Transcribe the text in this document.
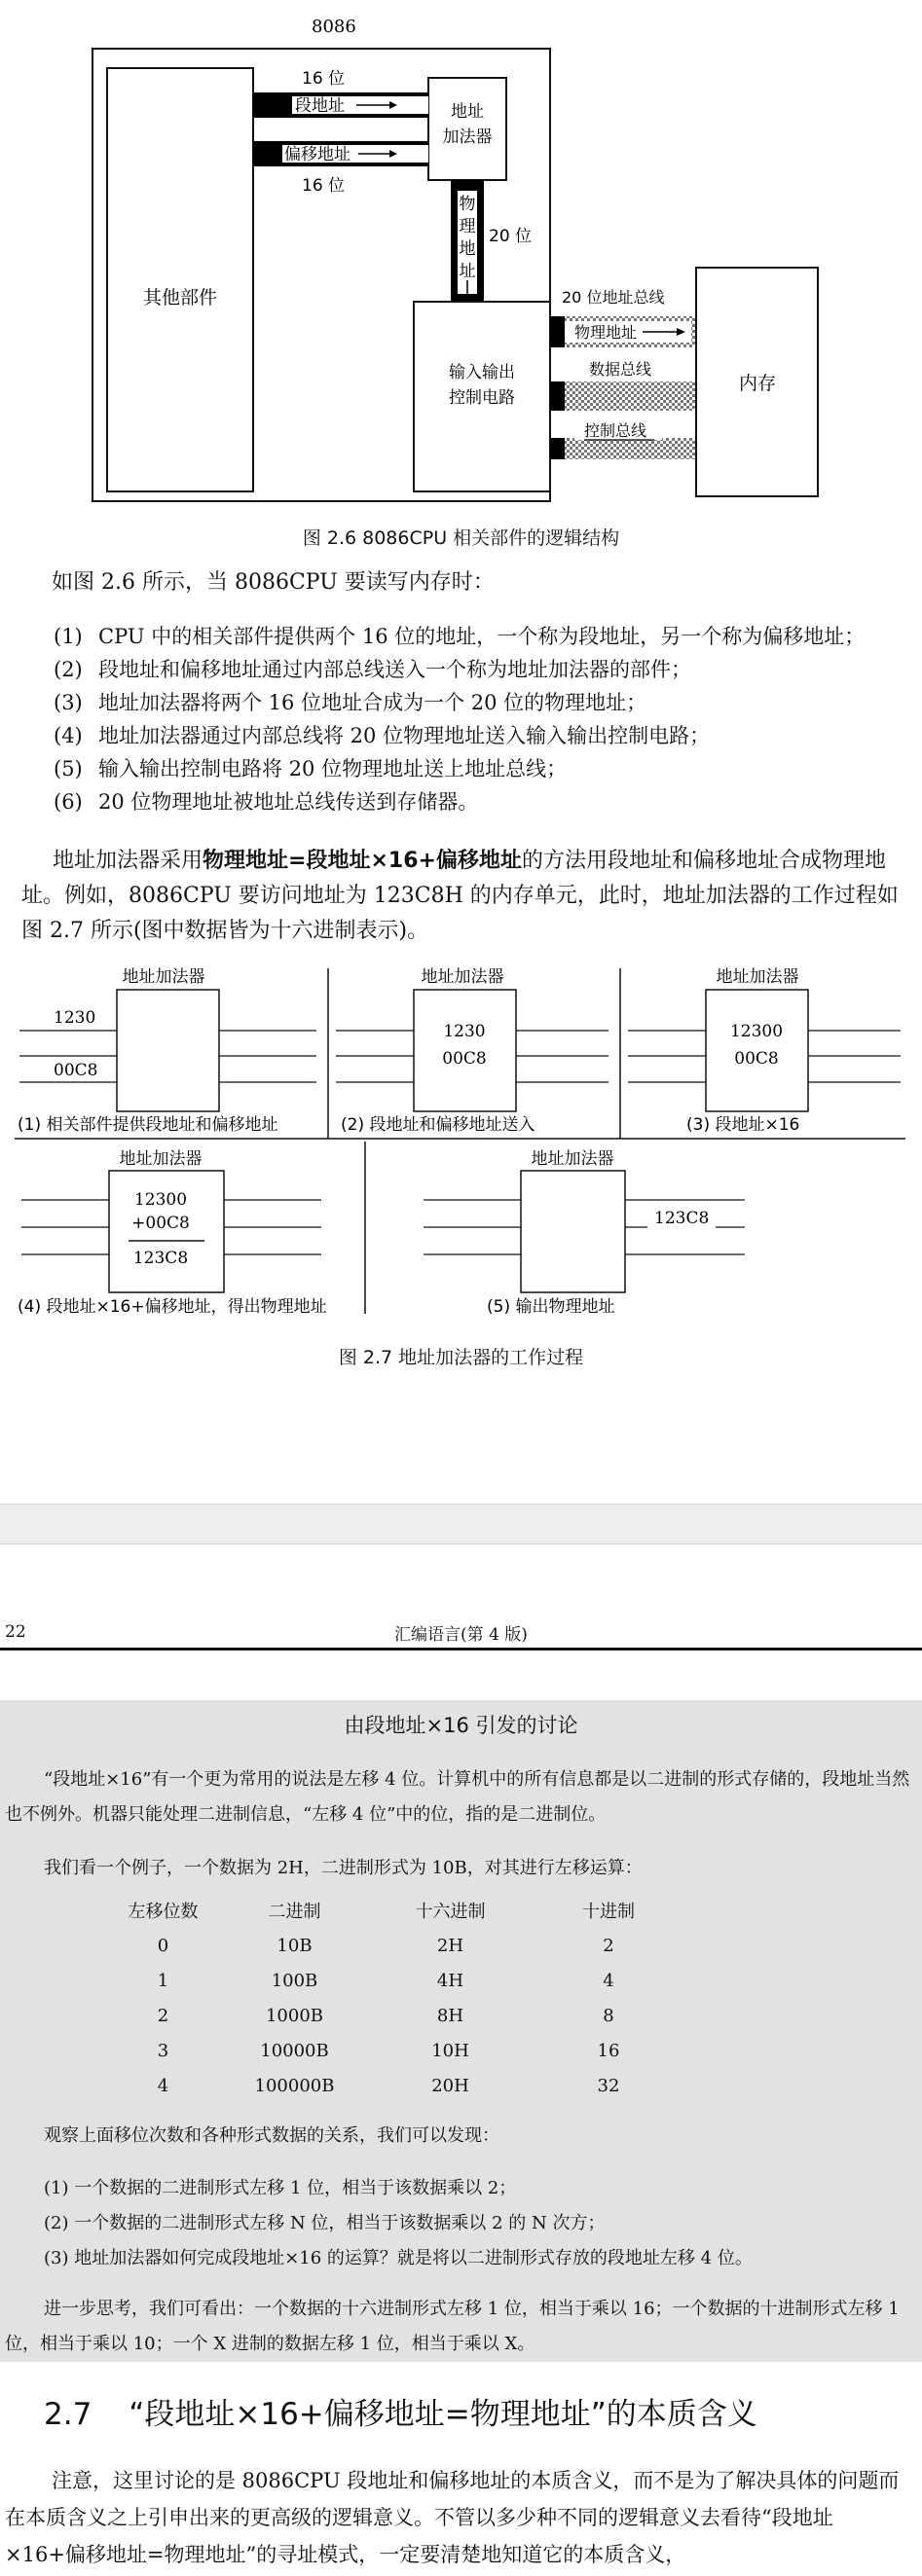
8086
其他部件
地址
加法器
16 位
段地址
偏移地址
16 位
物
理
地
址
20 位
输入输出
控制电路
20 位地址总线
物理地址
数据总线
控制总线
内存
图 2.6 8086CPU 相关部件的逻辑结构
如图 2.6 所示，当 8086CPU 要读写内存时：
(1) CPU 中的相关部件提供两个 16 位的地址，一个称为段地址，另一个称为偏移地址；
(2) 段地址和偏移地址通过内部总线送入一个称为地址加法器的部件；
(3) 地址加法器将两个 16 位地址合成为一个 20 位的物理地址；
(4) 地址加法器通过内部总线将 20 位物理地址送入输入输出控制电路；
(5) 输入输出控制电路将 20 位物理地址送上地址总线；
(6) 20 位物理地址被地址总线传送到存储器。
地址加法器采用物理地址=段地址×16+偏移地址的方法用段地址和偏移地址合成物理地址。例如，8086CPU 要访问地址为 123C8H 的内存单元，此时，地址加法器的工作过程如图 2.7 所示(图中数据皆为十六进制表示)。
地址加法器
1230
00C8
(1) 相关部件提供段地址和偏移地址
地址加法器
1230
00C8
(2) 段地址和偏移地址送入
地址加法器
12300
00C8
(3) 段地址×16
地址加法器
12300
+00C8
123C8
(4) 段地址×16+偏移地址，得出物理地址
地址加法器
123C8
(5) 输出物理地址
图 2.7 地址加法器的工作过程
22	汇编语言(第 4 版)
由段地址×16 引发的讨论

“段地址×16”有一个更为常用的说法是左移 4 位。计算机中的所有信息都是以二进制的形式存储的，段地址当然也不例外。机器只能处理二进制信息，“左移 4 位”中的位，指的是二进制位。

我们看一个例子，一个数据为 2H，二进制形式为 10B，对其进行左移运算：

左移位数	二进制	十六进制	十进制
0	10B	2H	2
1	100B	4H	4
2	1000B	8H	8
3	10000B	10H	16
4	100000B	20H	32

观察上面移位次数和各种形式数据的关系，我们可以发现：

(1) 一个数据的二进制形式左移 1 位，相当于该数据乘以 2；

(2) 一个数据的二进制形式左移 N 位，相当于该数据乘以 2 的 N 次方；

(3) 地址加法器如何完成段地址×16 的运算？就是将以二进制形式存放的段地址左移 4 位。

进一步思考，我们可看出：一个数据的十六进制形式左移 1 位，相当于乘以 16；一个数据的十进制形式左移 1 位，相当于乘以 10；一个 X 进制的数据左移 1 位，相当于乘以 X。

2.7 “段地址×16+偏移地址=物理地址”的本质含义
注意，这里讨论的是 8086CPU 段地址和偏移地址的本质含义，而不是为了解决具体的问题而在本质含义之上引申出来的更高级的逻辑意义。不管以多少种不同的逻辑意义去看待“段地址×16+偏移地址=物理地址”的寻址模式，一定要清楚地知道它的本质含义，
